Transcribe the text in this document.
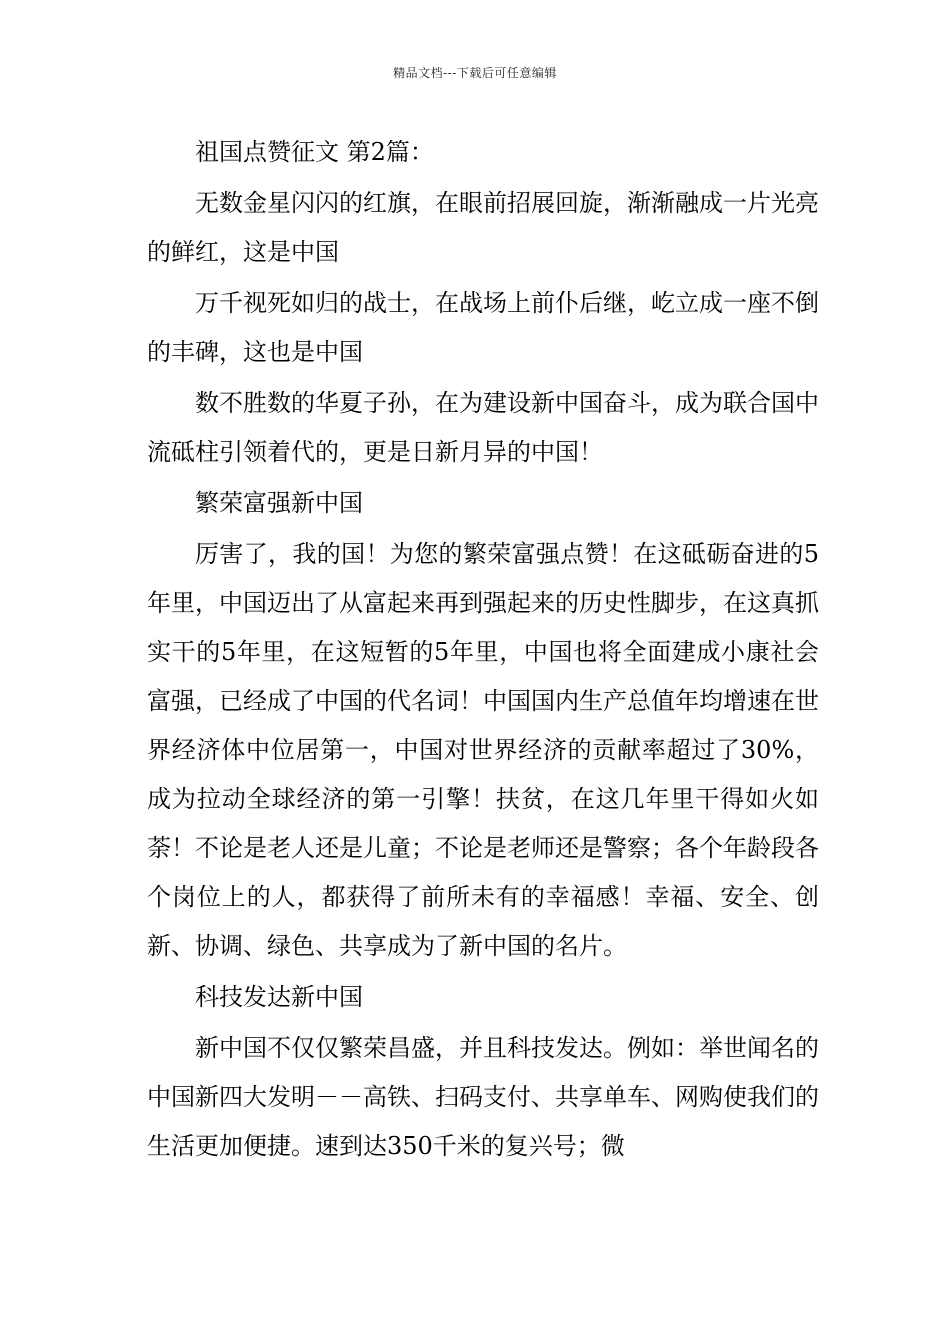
精品文档---下载后可任意编辑
祖国点赞征文 第2篇：

无数金星闪闪的红旗，在眼前招展回旋，渐渐融成一片光亮的鲜红，这是中国

万千视死如归的战士，在战场上前仆后继，屹立成一座不倒的丰碑，这也是中国

数不胜数的华夏子孙，在为建设新中国奋斗，成为联合国中流砥柱引领着代的，更是日新月异的中国！

繁荣富强新中国

厉害了，我的国！为您的繁荣富强点赞！在这砥砺奋进的5年里，中国迈出了从富起来再到强起来的历史性脚步，在这真抓实干的5年里，在这短暂的5年里，中国也将全面建成小康社会富强，已经成了中国的代名词！中国国内生产总值年均增速在世界经济体中位居第一，中国对世界经济的贡献率超过了30%，成为拉动全球经济的第一引擎！扶贫，在这几年里干得如火如荼！不论是老人还是儿童；不论是老师还是警察；各个年龄段各个岗位上的人，都获得了前所未有的幸福感！幸福、安全、创新、协调、绿色、共享成为了新中国的名片。

科技发达新中国

新中国不仅仅繁荣昌盛，并且科技发达。例如：举世闻名的中国新四大发明－－高铁、扫码支付、共享单车、网购使我们的生活更加便捷。速到达350千米的复兴号；微
